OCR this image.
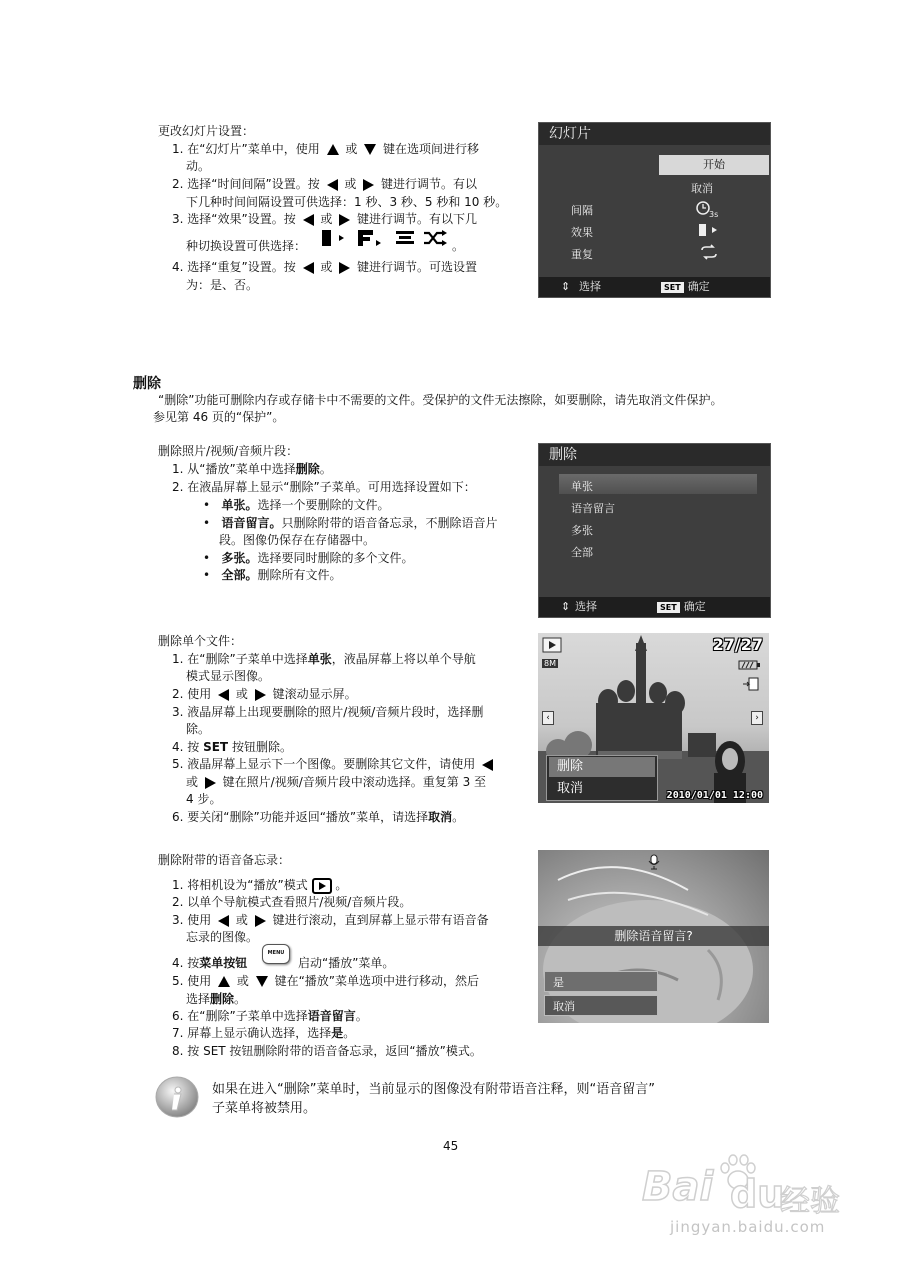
更改幻灯片设置：
1. 在“幻灯片”菜单中，使用 或 键在选项间进行移
动。
2. 选择“时间间隔”设置。按 或 键进行调节。有以
下几种时间间隔设置可供选择：1 秒、3 秒、5 秒和 10 秒。
3. 选择“效果”设置。按 或 键进行调节。有以下几
种切换设置可供选择：	。
4. 选择“重复”设置。按 或 键进行调节。可选设置
为：是、否。
幻灯片
开始
取消
间隔
效果
重复
3s
⇕ 选择	SET 确定
删除
“删除”功能可删除内存或存储卡中不需要的文件。受保护的文件无法擦除，如要删除，请先取消文件保护。
参见第 46 页的“保护”。
删除照片/视频/音频片段：
1. 从“播放”菜单中选择删除。
2. 在液晶屏幕上显示“删除”子菜单。可用选择设置如下：
•   单张。选择一个要删除的文件。
•   语音留言。只删除附带的语音备忘录，不删除语音片
段。图像仍保存在存储器中。
•   多张。选择要同时删除的多个文件。
•   全部。删除所有文件。
删除
单张
语音留言
多张
全部
⇕ 选择	SET 确定
删除单个文件：
1. 在“删除”子菜单中选择单张，液晶屏幕上将以单个导航
模式显示图像。
2. 使用 或 键滚动显示屏。
3. 液晶屏幕上出现要删除的照片/视频/音频片段时，选择删
除。
4. 按 SET 按钮删除。
5. 液晶屏幕上显示下一个图像。要删除其它文件，请使用
或 键在照片/视频/音频片段中滚动选择。重复第 3 至
4 步。
6. 要关闭“删除”功能并返回“播放”菜单，请选择取消。
27/27
8M
‹	›
删除
取消	2010/01/01 12:00
删除附带的语音备忘录：
1. 将相机设为“播放”模式 。
2. 以单个导航模式查看照片/视频/音频片段。
3. 使用 或 键进行滚动，直到屏幕上显示带有语音备
忘录的图像。
4. 按菜单按钮
MENU
启动“播放”菜单。
5. 使用 或 键在“播放”菜单选项中进行移动，然后
选择删除。
6. 在“删除”子菜单中选择语音留言。
7. 屏幕上显示确认选择，选择是。
8. 按 SET 按钮删除附带的语音备忘录，返回“播放”模式。
删除语音留言?
是
取消
如果在进入“删除”菜单时，当前显示的图像没有附带语音注释，则“语音留言”
子菜单将被禁用。
45
Bai du
经验
jingyan.baidu.com
